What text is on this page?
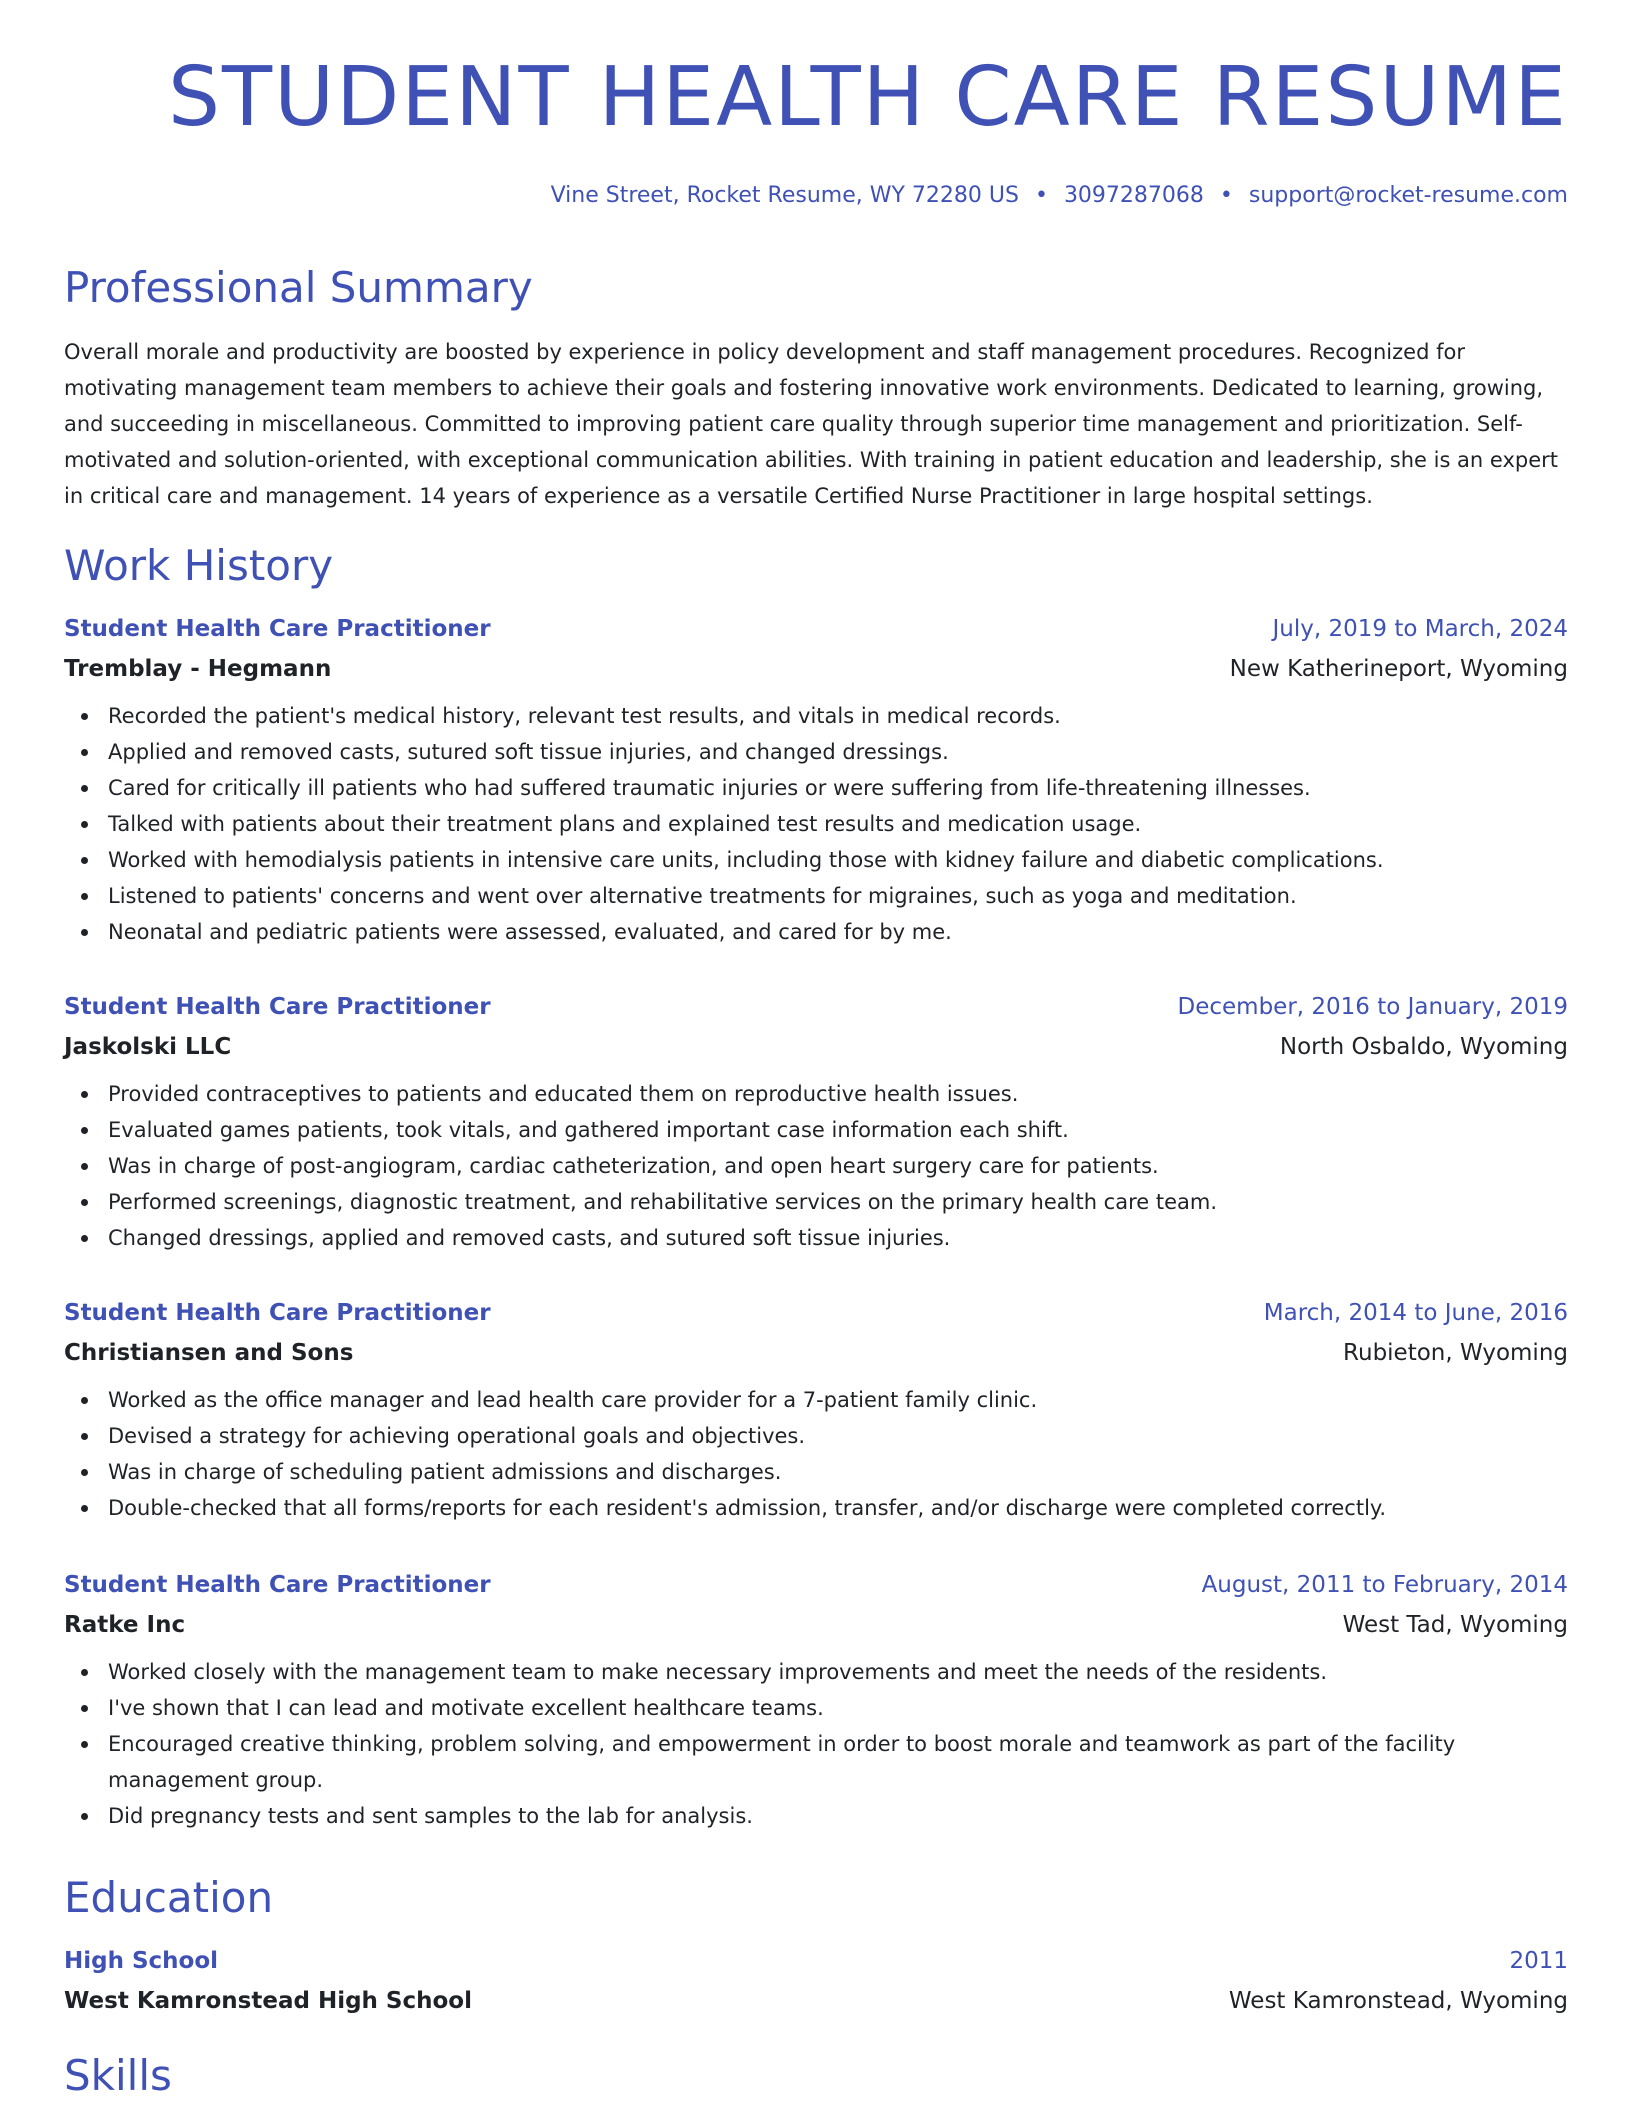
STUDENT HEALTH CARE RESUME
Vine Street, Rocket Resume, WY 72280 US • 3097287068 • support@rocket-resume.com
Professional Summary

Overall morale and productivity are boosted by experience in policy development and staff management procedures. Recognized for motivating management team members to achieve their goals and fostering innovative work environments. Dedicated to learning, growing, and succeeding in miscellaneous. Committed to improving patient care quality through superior time management and prioritization. Self-motivated and solution-oriented, with exceptional communication abilities. With training in patient education and leadership, she is an expert in critical care and management. 14 years of experience as a versatile Certified Nurse Practitioner in large hospital settings.

Work History
Student Health Care Practitioner	July, 2019 to March, 2024
Tremblay - Hegmann	New Katherineport, Wyoming
Recorded the patient's medical history, relevant test results, and vitals in medical records.
Applied and removed casts, sutured soft tissue injuries, and changed dressings.
Cared for critically ill patients who had suffered traumatic injuries or were suffering from life-threatening illnesses.
Talked with patients about their treatment plans and explained test results and medication usage.
Worked with hemodialysis patients in intensive care units, including those with kidney failure and diabetic complications.
Listened to patients' concerns and went over alternative treatments for migraines, such as yoga and meditation.
Neonatal and pediatric patients were assessed, evaluated, and cared for by me.
Student Health Care Practitioner	December, 2016 to January, 2019
Jaskolski LLC	North Osbaldo, Wyoming
Provided contraceptives to patients and educated them on reproductive health issues.
Evaluated games patients, took vitals, and gathered important case information each shift.
Was in charge of post-angiogram, cardiac catheterization, and open heart surgery care for patients.
Performed screenings, diagnostic treatment, and rehabilitative services on the primary health care team.
Changed dressings, applied and removed casts, and sutured soft tissue injuries.
Student Health Care Practitioner	March, 2014 to June, 2016
Christiansen and Sons	Rubieton, Wyoming
Worked as the office manager and lead health care provider for a 7-patient family clinic.
Devised a strategy for achieving operational goals and objectives.
Was in charge of scheduling patient admissions and discharges.
Double-checked that all forms/reports for each resident's admission, transfer, and/or discharge were completed correctly.
Student Health Care Practitioner	August, 2011 to February, 2014
Ratke Inc	West Tad, Wyoming
Worked closely with the management team to make necessary improvements and meet the needs of the residents.
I've shown that I can lead and motivate excellent healthcare teams.
Encouraged creative thinking, problem solving, and empowerment in order to boost morale and teamwork as part of the facility management group.
Did pregnancy tests and sent samples to the lab for analysis.
Education
High School	2011
West Kamronstead High School	West Kamronstead, Wyoming
Skills
